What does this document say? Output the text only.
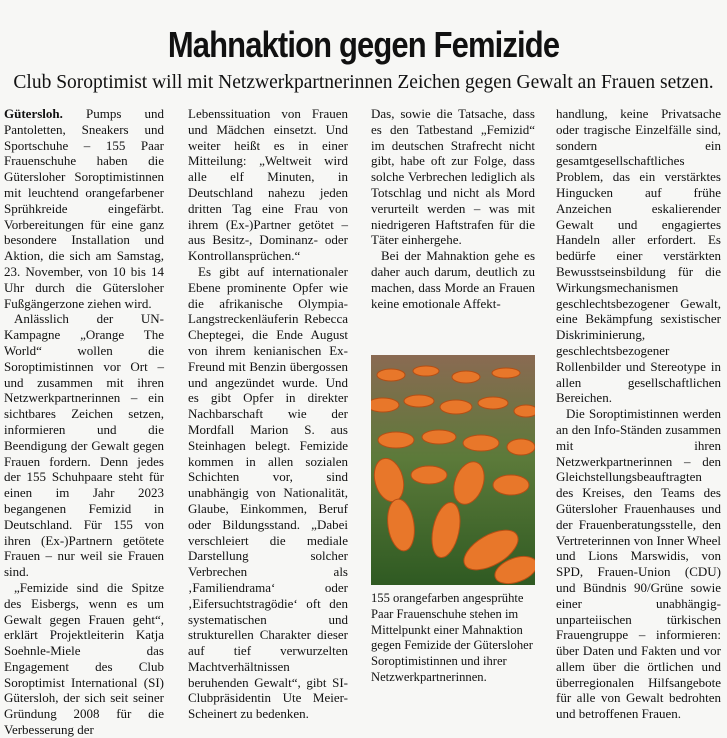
Mahnaktion gegen Femizide

Club Soroptimist will mit Netzwerkpartnerinnen Zeichen gegen Gewalt an Frauen setzen.

Gütersloh. Pumps und Pantoletten, Sneakers und Sportschuhe – 155 Paar Frauenschuhe haben die Gütersloher Soroptimistinnen mit leuchtend orangefarbener Sprühkreide eingefärbt. Vorbereitungen für eine ganz besondere Installation und Aktion, die sich am Samstag, 23. November, von 10 bis 14 Uhr durch die Gütersloher Fußgängerzone ziehen wird.

Anlässlich der UN-Kampagne „Orange The World“ wollen die Soroptimistinnen vor Ort – und zusammen mit ihren Netzwerkpartnerinnen – ein sichtbares Zeichen setzen, informieren und die Beendigung der Gewalt gegen Frauen fordern. Denn jedes der 155 Schuhpaare steht für einen im Jahr 2023 begangenen Femizid in Deutschland. Für 155 von ihren (Ex-)Partnern getötete Frauen – nur weil sie Frauen sind.

„Femizide sind die Spitze des Eisbergs, wenn es um Gewalt gegen Frauen geht“, erklärt Projektleiterin Katja Soehnle-Miele das Engagement des Club Soroptimist International (SI) Gütersloh, der sich seit seiner Gründung 2008 für die Verbesserung der

Lebenssituation von Frauen und Mädchen einsetzt. Und weiter heißt es in einer Mitteilung: „Weltweit wird alle elf Minuten, in Deutschland nahezu jeden dritten Tag eine Frau von ihrem (Ex-)Partner getötet – aus Besitz-, Dominanz- oder Kontrollansprüchen.“

Es gibt auf internationaler Ebene prominente Opfer wie die afrikanische Olympia-Langstreckenläuferin Rebecca Cheptegei, die Ende August von ihrem kenianischen Ex-Freund mit Benzin übergossen und angezündet wurde. Und es gibt Opfer in direkter Nachbarschaft wie der Mordfall Marion S. aus Steinhagen belegt. Femizide kommen in allen sozialen Schichten vor, sind unabhängig von Nationalität, Glaube, Einkommen, Beruf oder Bildungsstand. „Dabei verschleiert die mediale Darstellung solcher Verbrechen als ‚Familiendrama‘ oder ‚Eifersuchtstragödie‘ oft den systematischen und strukturellen Charakter dieser auf tief verwurzelten Machtverhältnissen beruhenden Gewalt“, gibt SI-Clubpräsidentin Ute Meier-Scheinert zu bedenken.

Das, sowie die Tatsache, dass es den Tatbestand „Femizid“ im deutschen Strafrecht nicht gibt, habe oft zur Folge, dass solche Verbrechen lediglich als Totschlag und nicht als Mord verurteilt werden – was mit niedrigeren Haftstrafen für die Täter einhergehe.

Bei der Mahnaktion gehe es daher auch darum, deutlich zu machen, dass Morde an Frauen keine emotionale Affekt-

155 orangefarben angesprühte Paar Frauenschuhe stehen im Mittelpunkt einer Mahnaktion gegen Femizide der Gütersloher Soroptimistinnen und ihrer Netzwerkpartnerinnen.

handlung, keine Privatsache oder tragische Einzelfälle sind, sondern ein gesamtgesellschaftliches Problem, das ein verstärktes Hingucken auf frühe Anzeichen eskalierender Gewalt und engagiertes Handeln aller erfordert. Es bedürfe einer verstärkten Bewusstseinsbildung für die Wirkungsmechanismen geschlechtsbezogener Gewalt, eine Bekämpfung sexistischer Diskriminierung, geschlechtsbezogener Rollenbilder und Stereotype in allen gesellschaftlichen Bereichen.

Die Soroptimistinnen werden an den Info-Ständen zusammen mit ihren Netzwerkpartnerinnen – den Gleichstellungsbeauftragten des Kreises, den Teams des Gütersloher Frauenhauses und der Frauenberatungsstelle, den Vertreterinnen von Inner Wheel und Lions Marswidis, von SPD, Frauen-Union (CDU) und Bündnis 90/Grüne sowie einer unabhängig-unparteiischen türkischen Frauengruppe – informieren: über Daten und Fakten und vor allem über die örtlichen und überregionalen Hilfsangebote für alle von Gewalt bedrohten und betroffenen Frauen.
